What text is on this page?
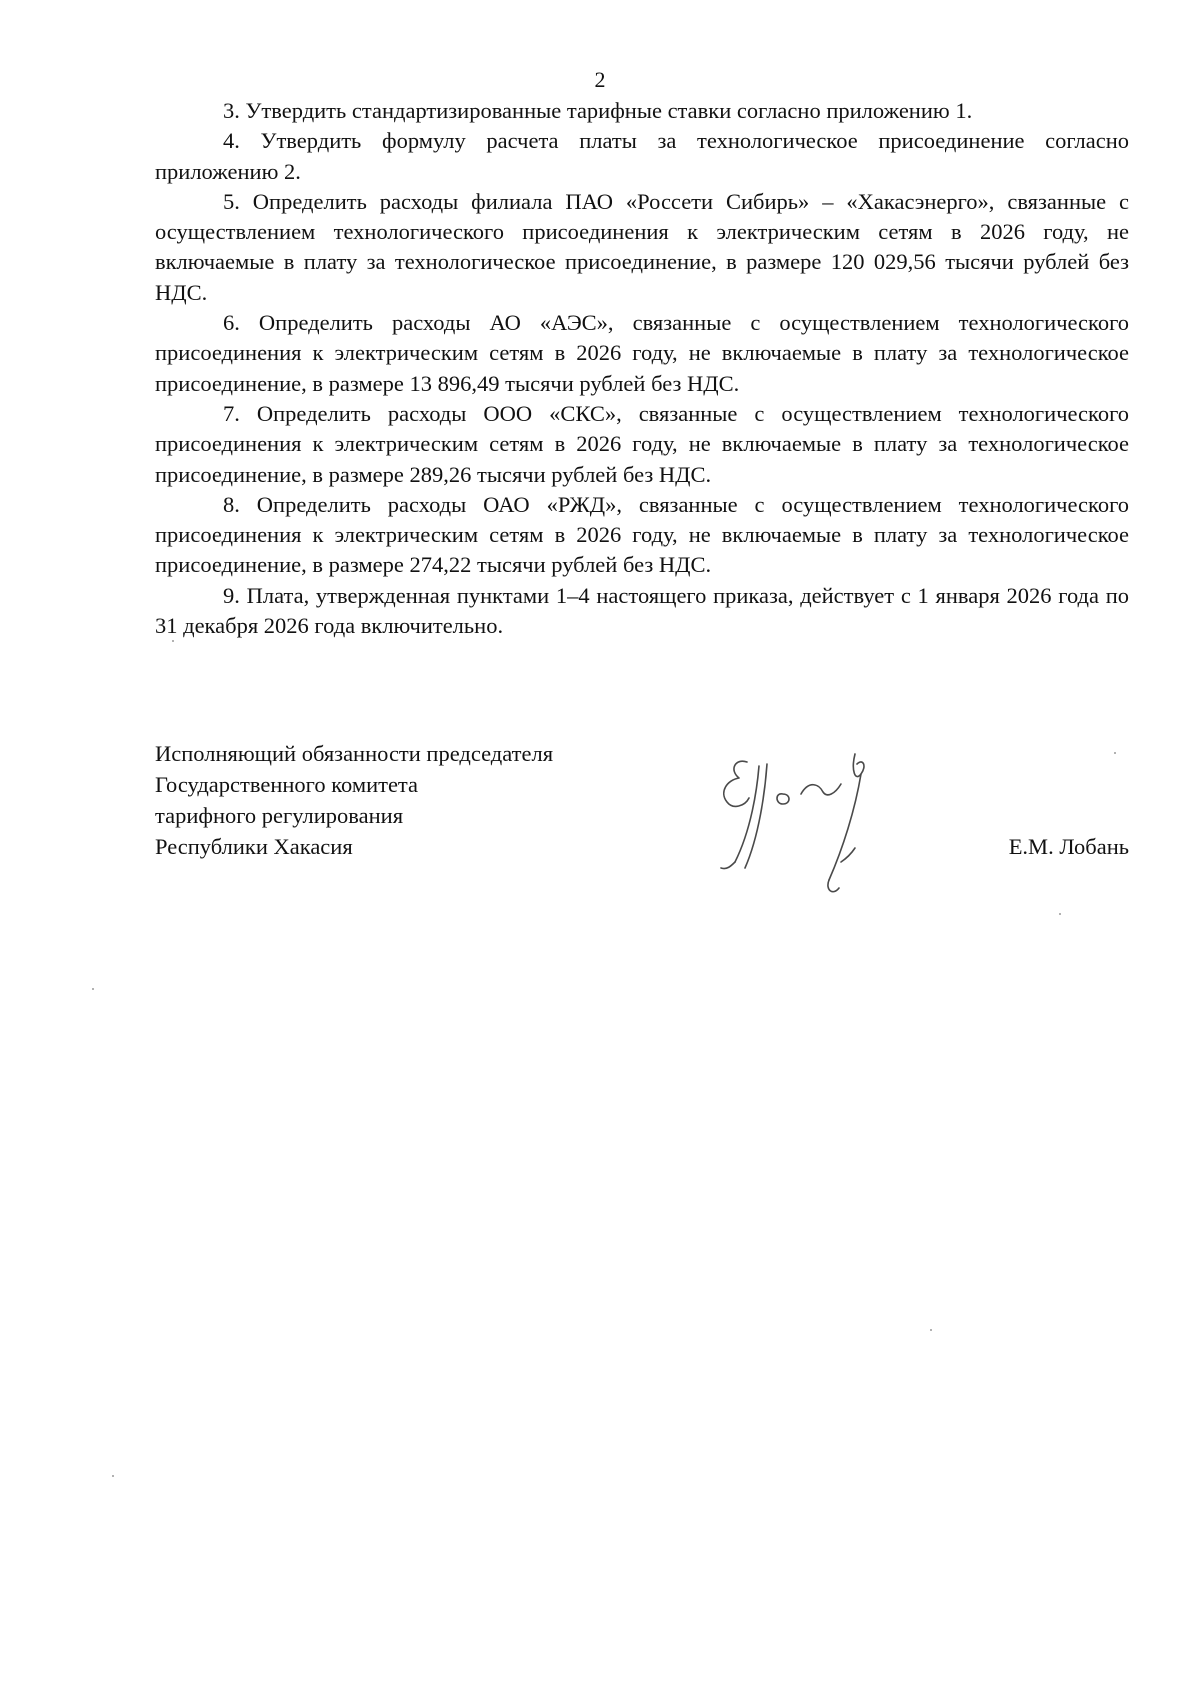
2

3. Утвердить стандартизированные тарифные ставки согласно приложению 1.

4. Утвердить формулу расчета платы за технологическое присоединение согласно приложению 2.

5. Определить расходы филиала ПАО «Россети Сибирь» – «Хакасэнерго», связанные с осуществлением технологического присоединения к электрическим сетям в 2026 году, не включаемые в плату за технологическое присоединение, в размере 120 029,56 тысячи рублей без НДС.

6. Определить расходы АО «АЭС», связанные с осуществлением технологического присоединения к электрическим сетям в 2026 году, не включаемые в плату за технологическое присоединение, в размере 13 896,49 тысячи рублей без НДС.

7. Определить расходы ООО «СКС», связанные с осуществлением технологического присоединения к электрическим сетям в 2026 году, не включаемые в плату за технологическое присоединение, в размере 289,26 тысячи рублей без НДС.

8. Определить расходы ОАО «РЖД», связанные с осуществлением технологического присоединения к электрическим сетям в 2026 году, не включаемые в плату за технологическое присоединение, в размере 274,22 тысячи рублей без НДС.

9. Плата, утвержденная пунктами 1–4 настоящего приказа, действует с 1 января 2026 года по 31 декабря 2026 года включительно.

Исполняющий обязанности председателя
Государственного комитета
тарифного регулирования
Республики Хакасия	Е.М. Лобань
